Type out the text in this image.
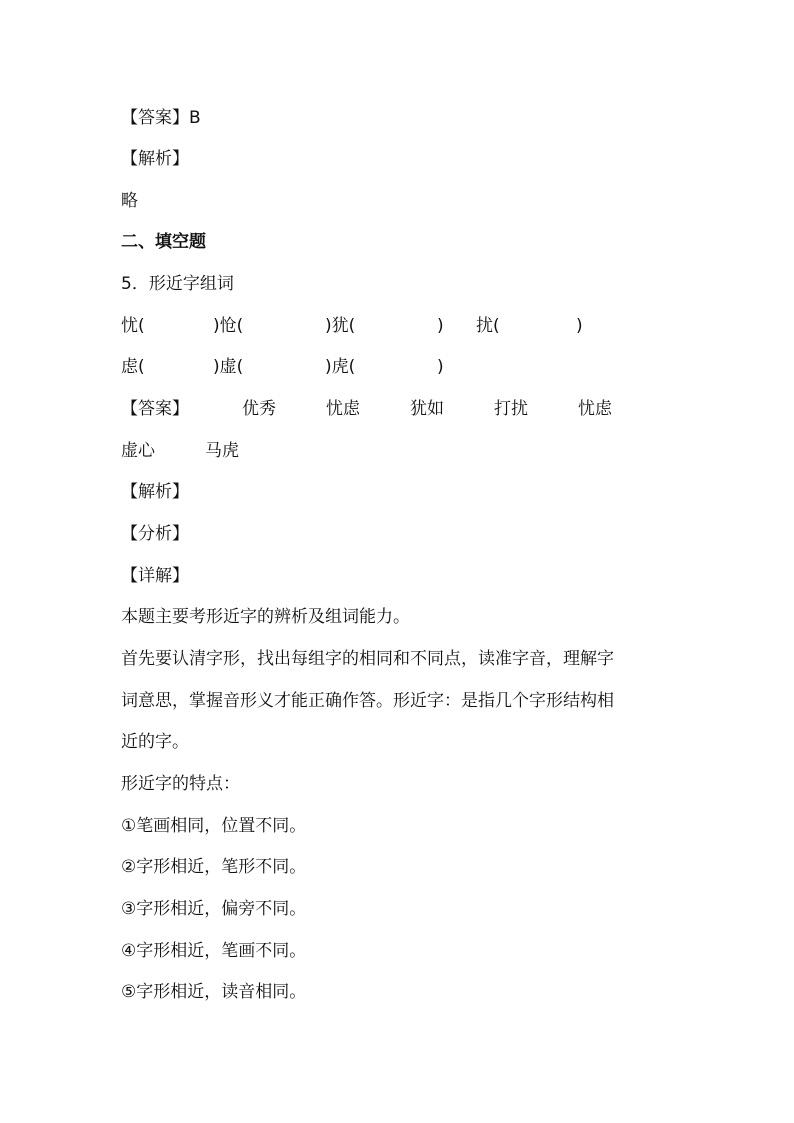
【答案】B
【解析】
略
二、填空题
5．形近字组词
忧(	)怆(	)犹(	) 扰(	)
虑(	)虚(	)虎(	)
【答案】	优秀	忧虑	犹如	打扰	忧虑
虚心	马虎
【解析】
【分析】
【详解】
本题主要考形近字的辨析及组词能力。
首先要认清字形，找出每组字的相同和不同点，读准字音，理解字
词意思，掌握音形义才能正确作答。形近字：是指几个字形结构相
近的字。
形近字的特点：
①笔画相同，位置不同。
②字形相近，笔形不同。
③字形相近，偏旁不同。
④字形相近，笔画不同。
⑤字形相近，读音相同。
